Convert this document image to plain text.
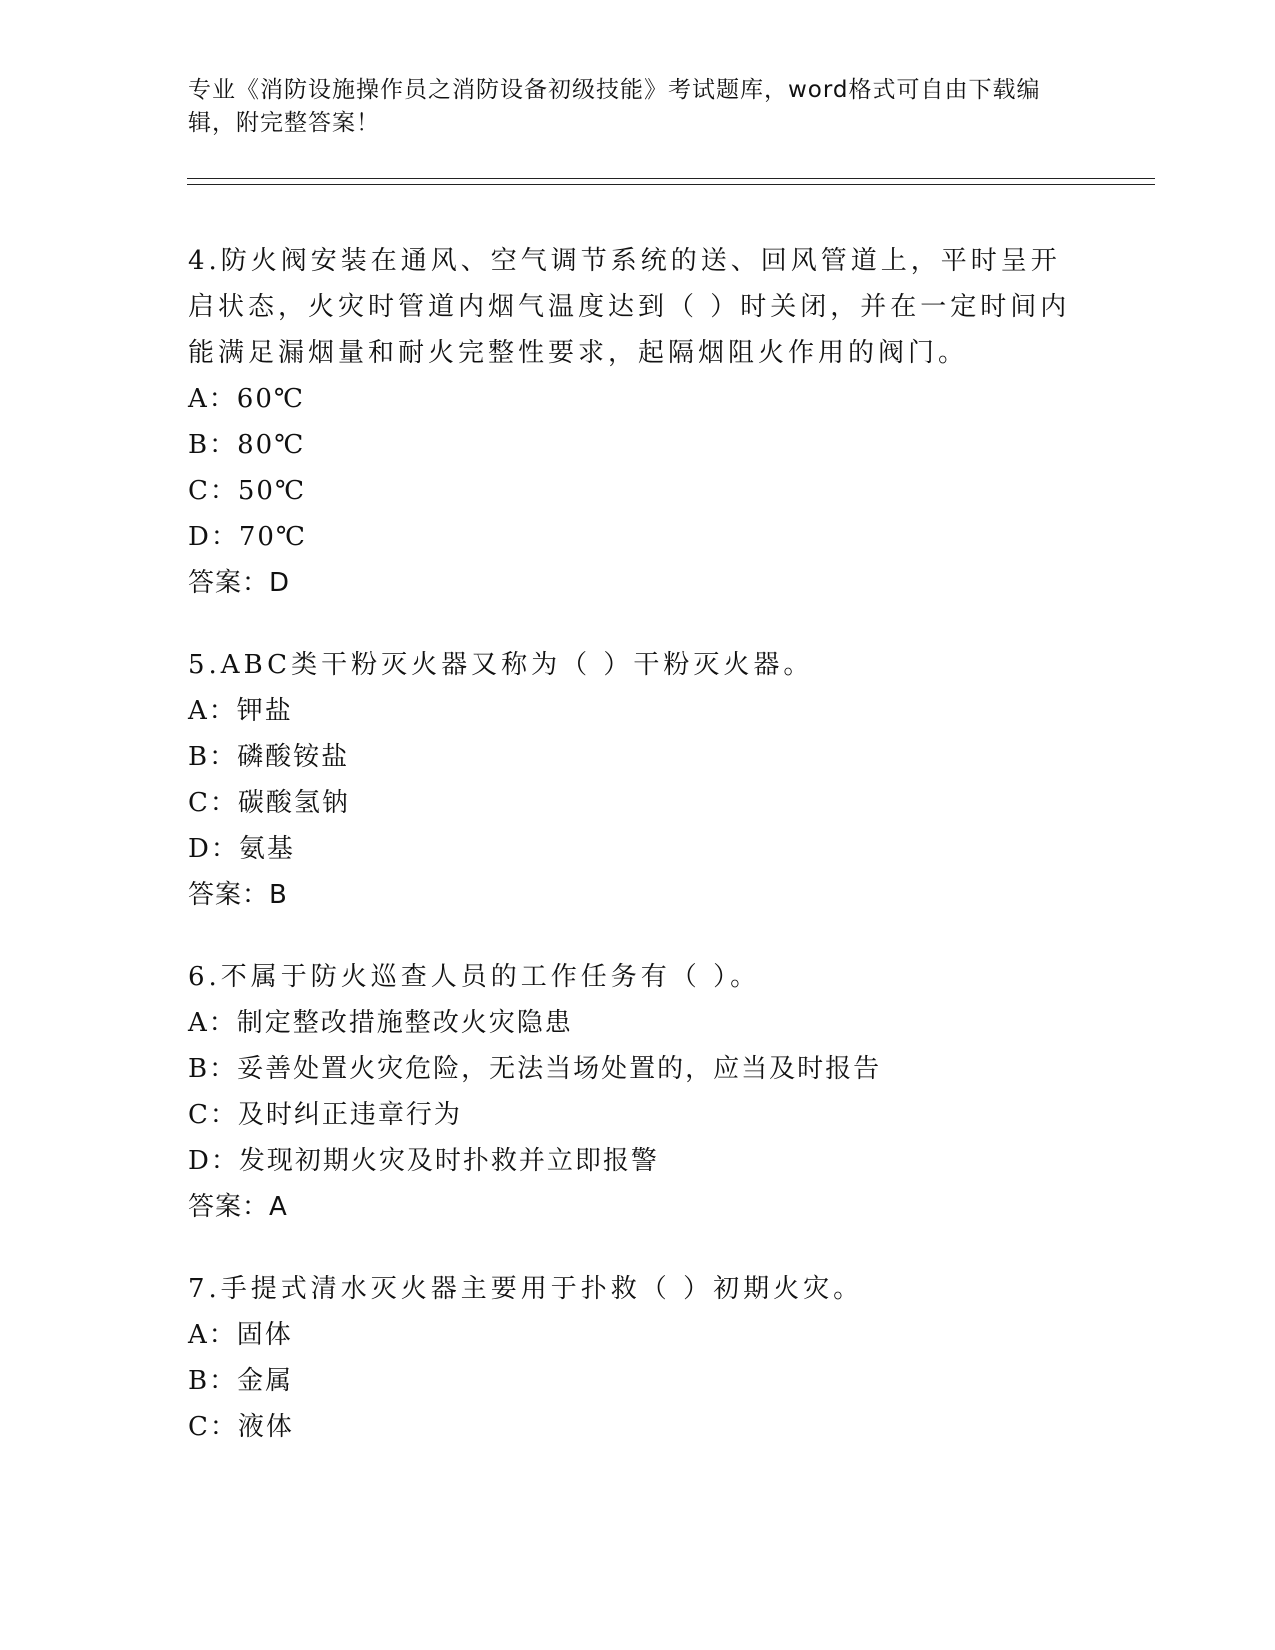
专业《消防设施操作员之消防设备初级技能》考试题库，word格式可自由下载编辑，附完整答案！
4.防火阀安装在通风、空气调节系统的送、回风管道上，平时呈开启状态，火灾时管道内烟气温度达到（ ）时关闭，并在一定时间内能满足漏烟量和耐火完整性要求，起隔烟阻火作用的阀门。
A：60℃
B：80℃
C：50℃
D：70℃
答案：D
5.ABC类干粉灭火器又称为（ ）干粉灭火器。
A：钾盐
B：磷酸铵盐
C：碳酸氢钠
D：氨基
答案：B
6.不属于防火巡查人员的工作任务有（ ）。
A：制定整改措施整改火灾隐患
B：妥善处置火灾危险，无法当场处置的，应当及时报告
C：及时纠正违章行为
D：发现初期火灾及时扑救并立即报警
答案：A
7.手提式清水灭火器主要用于扑救（ ）初期火灾。
A：固体
B：金属
C：液体
